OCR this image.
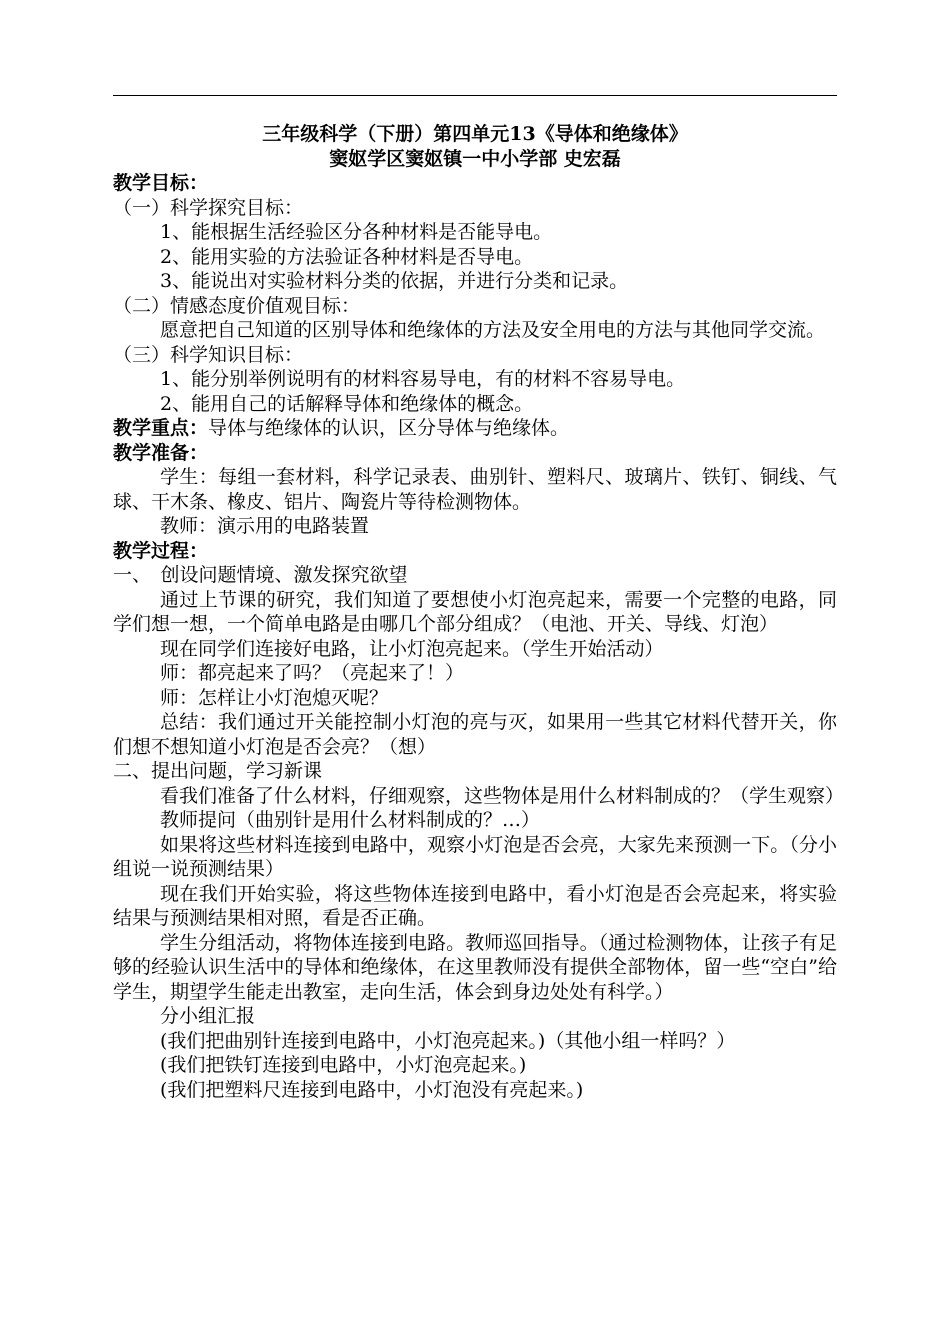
三年级科学（下册）第四单元13《导体和绝缘体》

窦妪学区窦妪镇一中小学部 史宏磊

教学目标：

（一）科学探究目标：

1、能根据生活经验区分各种材料是否能导电。

2、能用实验的方法验证各种材料是否导电。

3、能说出对实验材料分类的依据，并进行分类和记录。

（二）情感态度价值观目标：

愿意把自己知道的区别导体和绝缘体的方法及安全用电的方法与其他同学交流。

（三）科学知识目标：

1、能分别举例说明有的材料容易导电，有的材料不容易导电。

2、能用自己的话解释导体和绝缘体的概念。

教学重点：导体与绝缘体的认识，区分导体与绝缘体。

教学准备：

学生：每组一套材料，科学记录表、曲别针、塑料尺、玻璃片、铁钉、铜线、气球、干木条、橡皮、铝片、陶瓷片等待检测物体。

教师：演示用的电路装置

教学过程：

一、　创设问题情境、激发探究欲望

通过上节课的研究，我们知道了要想使小灯泡亮起来，需要一个完整的电路，同学们想一想，一个简单电路是由哪几个部分组成？（电池、开关、导线、灯泡）

现在同学们连接好电路，让小灯泡亮起来。（学生开始活动）

师：都亮起来了吗？（亮起来了！）

师：怎样让小灯泡熄灭呢？

总结：我们通过开关能控制小灯泡的亮与灭，如果用一些其它材料代替开关，你们想不想知道小灯泡是否会亮？（想）

二、提出问题，学习新课

看我们准备了什么材料，仔细观察，这些物体是用什么材料制成的？（学生观察）

教师提问（曲别针是用什么材料制成的？…）

如果将这些材料连接到电路中，观察小灯泡是否会亮，大家先来预测一下。（分小组说一说预测结果）

现在我们开始实验，将这些物体连接到电路中，看小灯泡是否会亮起来，将实验结果与预测结果相对照，看是否正确。

学生分组活动，将物体连接到电路。教师巡回指导。（通过检测物体，让孩子有足够的经验认识生活中的导体和绝缘体，在这里教师没有提供全部物体，留一些“空白”给学生，期望学生能走出教室，走向生活，体会到身边处处有科学。）

分小组汇报

(我们把曲别针连接到电路中，小灯泡亮起来。)（其他小组一样吗？）

(我们把铁钉连接到电路中，小灯泡亮起来。)

(我们把塑料尺连接到电路中，小灯泡没有亮起来。)
